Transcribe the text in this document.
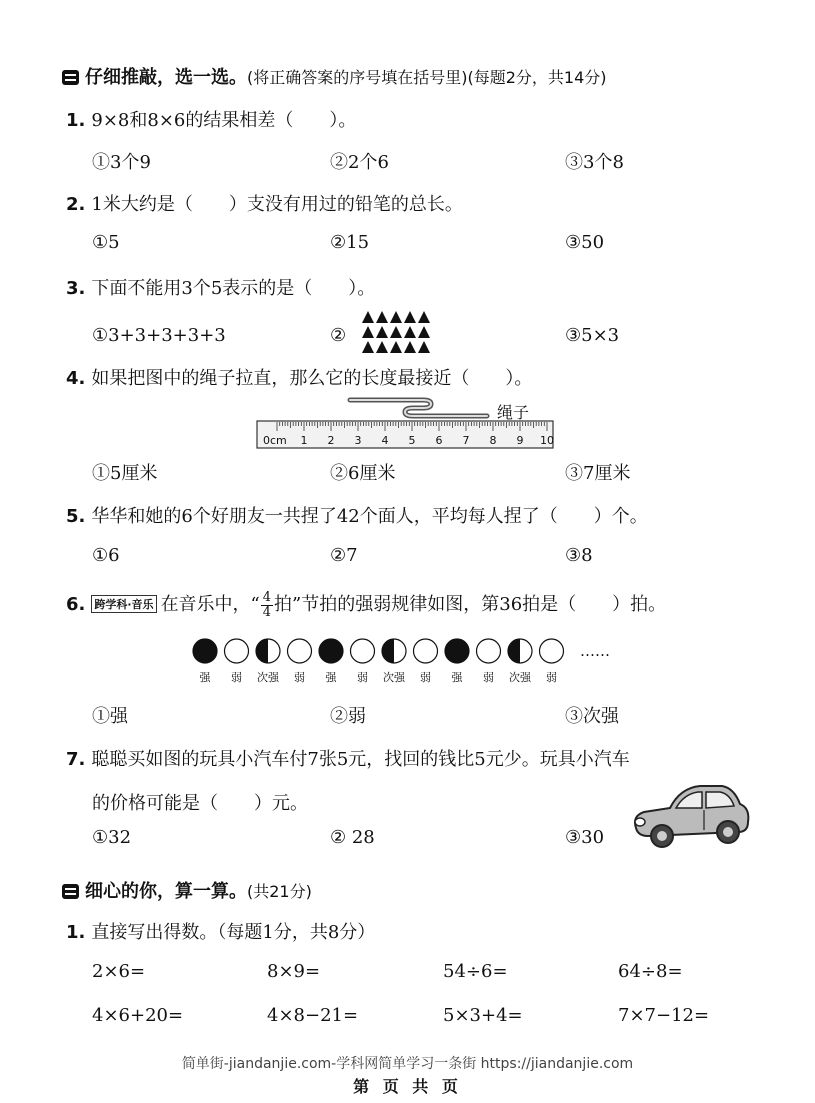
仔细推敲，选一选。(将正确答案的序号填在括号里)(每题2分，共14分)
1. 9×8和8×6的结果相差（　　）。
①3个9	②2个6	③3个8
2. 1米大约是（　　）支没有用过的铅笔的总长。
①5	②15	③50
3. 下面不能用3个5表示的是（　　）。
①3+3+3+3+3	②	③5×3
4. 如果把图中的绳子拉直，那么它的长度最接近（　　）。
0cm 1 2 3 4 5 6 7 8 9 10
绳子
①5厘米	②6厘米	③7厘米
5. 华华和她的6个好朋友一共捏了42个面人，平均每人捏了（　　）个。
①6	②7	③8
6. 跨学科·音乐 在音乐中，“ $\frac{4}{4}$ 拍”节拍的强弱规律如图，第36拍是（　　）拍。
强 弱 次强 弱 强 弱 次强 弱 强 弱 次强 弱
……
①强	②弱	③次强
7. 聪聪买如图的玩具小汽车付7张5元，找回的钱比5元少。玩具小汽车
的价格可能是（　　）元。
①32	② 28	③30
细心的你，算一算。(共21分)
1. 直接写出得数。（每题1分，共8分）
2×6=	8×9=	54÷6=	64÷8=
4×6+20=	4×8−21=	5×3+4=	7×7−12=
简单街-jiandanjie.com-学科网简单学习一条街 https://jiandanjie.com
第 页 共 页
